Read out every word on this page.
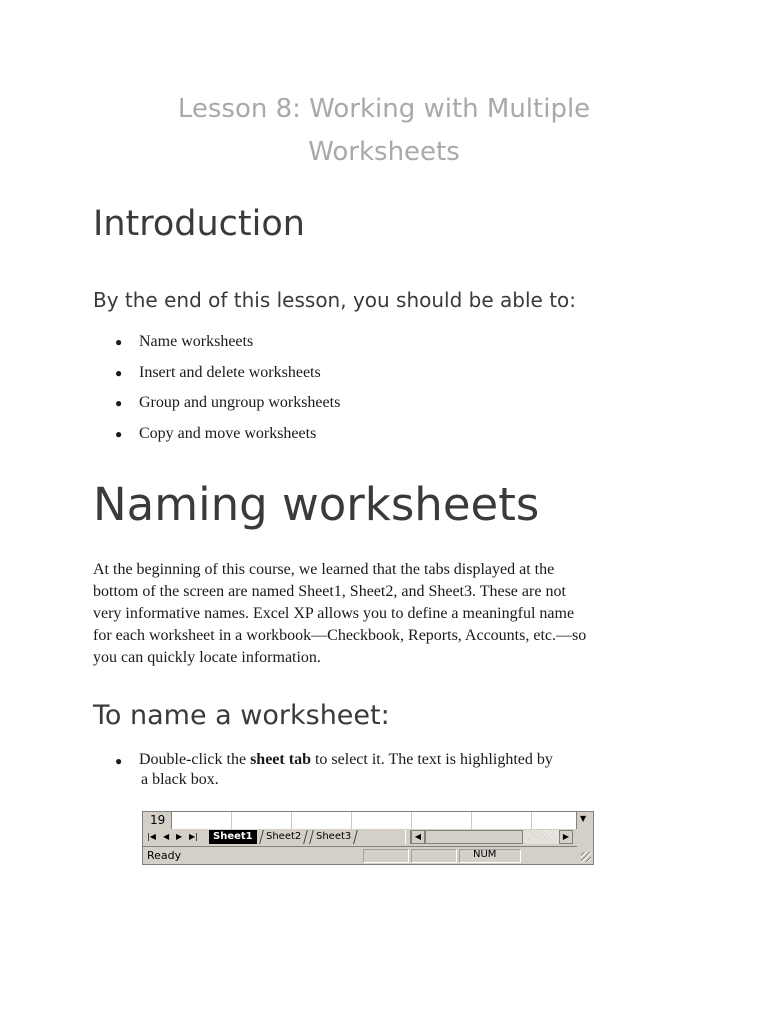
Lesson 8: Working with Multiple
Worksheets
Introduction

By the end of this lesson, you should be able to:

● Name worksheets
● Insert and delete worksheets
● Group and ungroup worksheets
● Copy and move worksheets
Naming worksheets

At the beginning of this course, we learned that the tabs displayed at the
bottom of the screen are named Sheet1, Sheet2, and Sheet3. These are not
very informative names. Excel XP allows you to define a meaningful name
for each worksheet in a workbook—Checkbook, Reports, Accounts, etc.—so
you can quickly locate information.

To name a worksheet:
● Double-click the sheet tab to select it. The text is highlighted by
a black box.
19	▼
|◀ ◀ ▶ ▶|	Sheet1	Sheet2	Sheet3	◀	▶
Ready	NUM
